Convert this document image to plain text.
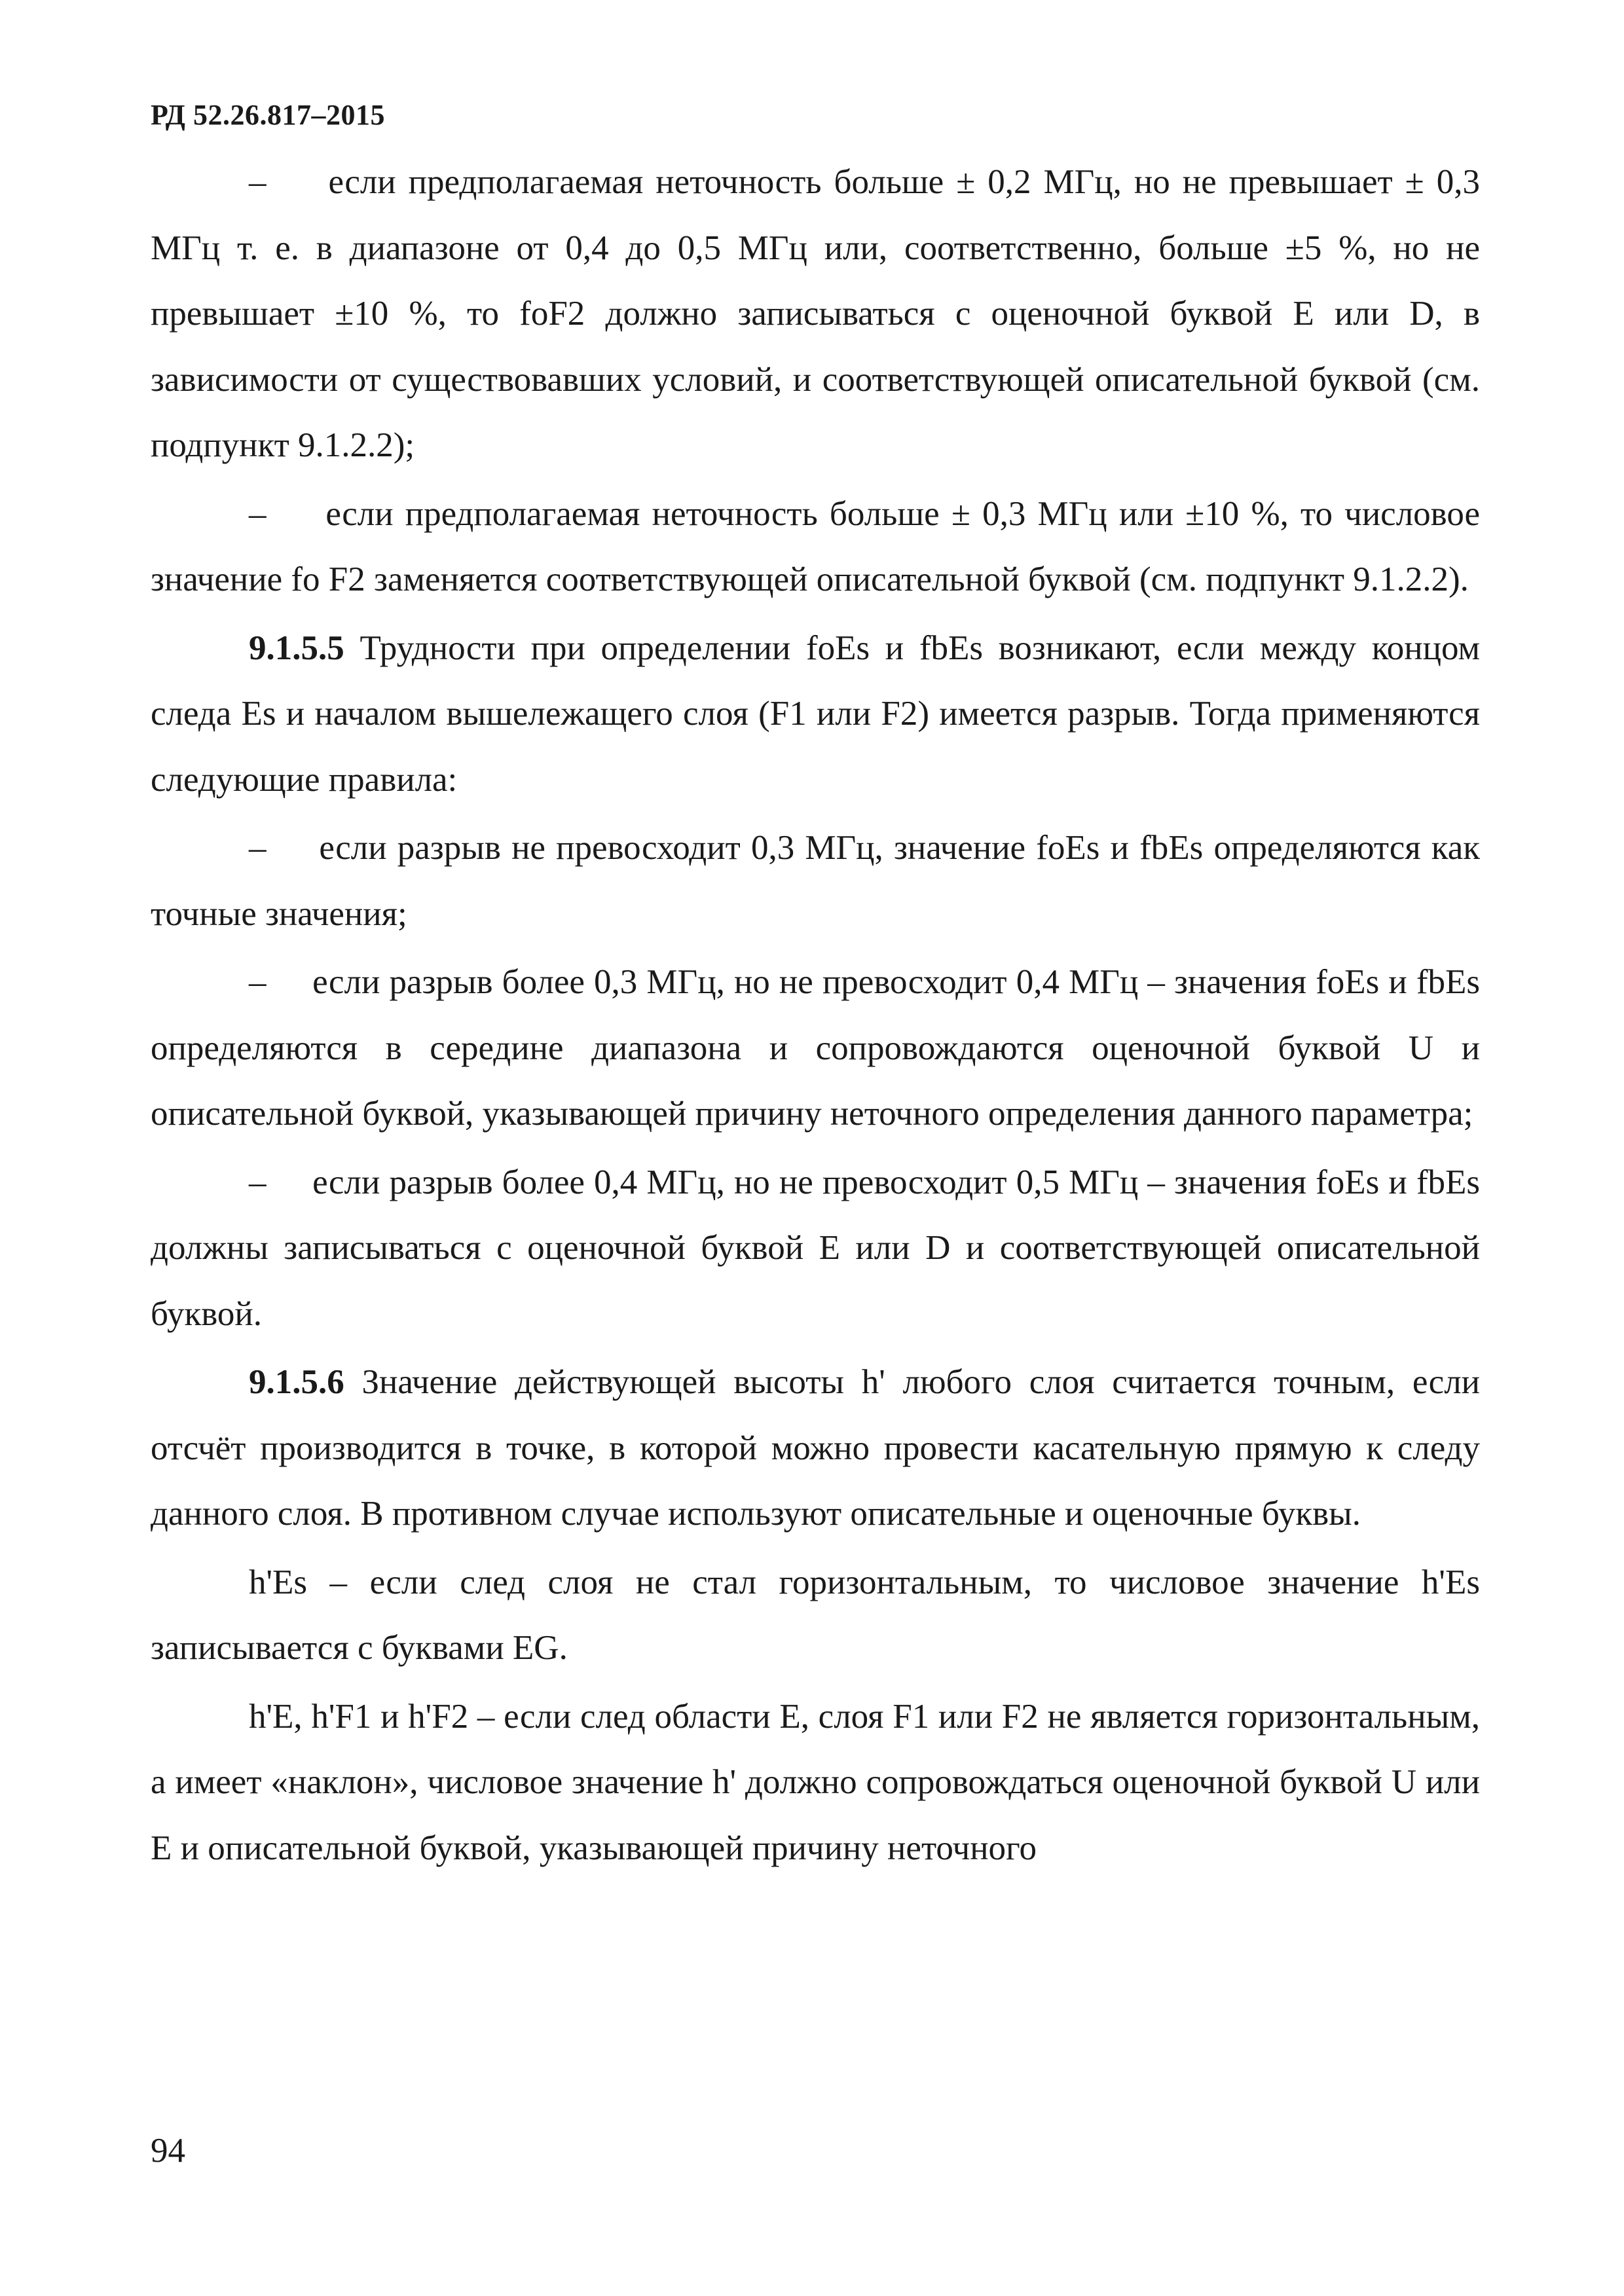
РД 52.26.817–2015

– если предполагаемая неточность больше ± 0,2 МГц, но не превышает ± 0,3 МГц т. е. в диапазоне от 0,4 до 0,5 МГц или, соответственно, больше ±5 %, но не превышает ±10 %, то foF2 должно записываться с оценочной буквой E или D, в зависимости от существовавших условий, и соответствующей описательной буквой (см. подпункт 9.1.2.2);

– если предполагаемая неточность больше ± 0,3 МГц или ±10 %, то числовое значение fo F2 заменяется соответствующей описательной буквой (см. подпункт 9.1.2.2).

9.1.5.5 Трудности при определении foEs и fbEs возникают, если между концом следа Es и началом вышележащего слоя (F1 или F2) имеется разрыв. Тогда применяются следующие правила:

– если разрыв не превосходит 0,3 МГц, значение foEs и fbEs определяются как точные значения;

– если разрыв более 0,3 МГц, но не превосходит 0,4 МГц – значения foEs и fbEs определяются в середине диапазона и сопровождаются оценочной буквой U и описательной буквой, указывающей причину неточного определения данного параметра;

– если разрыв более 0,4 МГц, но не превосходит 0,5 МГц – значения foEs и fbEs должны записываться с оценочной буквой E или D и соответствующей описательной буквой.

9.1.5.6 Значение действующей высоты h' любого слоя считается точным, если отсчёт производится в точке, в которой можно провести касательную прямую к следу данного слоя. В противном случае используют описательные и оценочные буквы.

h'Es – если след слоя не стал горизонтальным, то числовое значение h'Es записывается с буквами EG.

h'E, h'F1 и h'F2 – если след области E, слоя F1 или F2 не является горизонтальным, а имеет «наклон», числовое значение h' должно сопровождаться оценочной буквой U или E и описательной буквой, указывающей причину неточного

94
